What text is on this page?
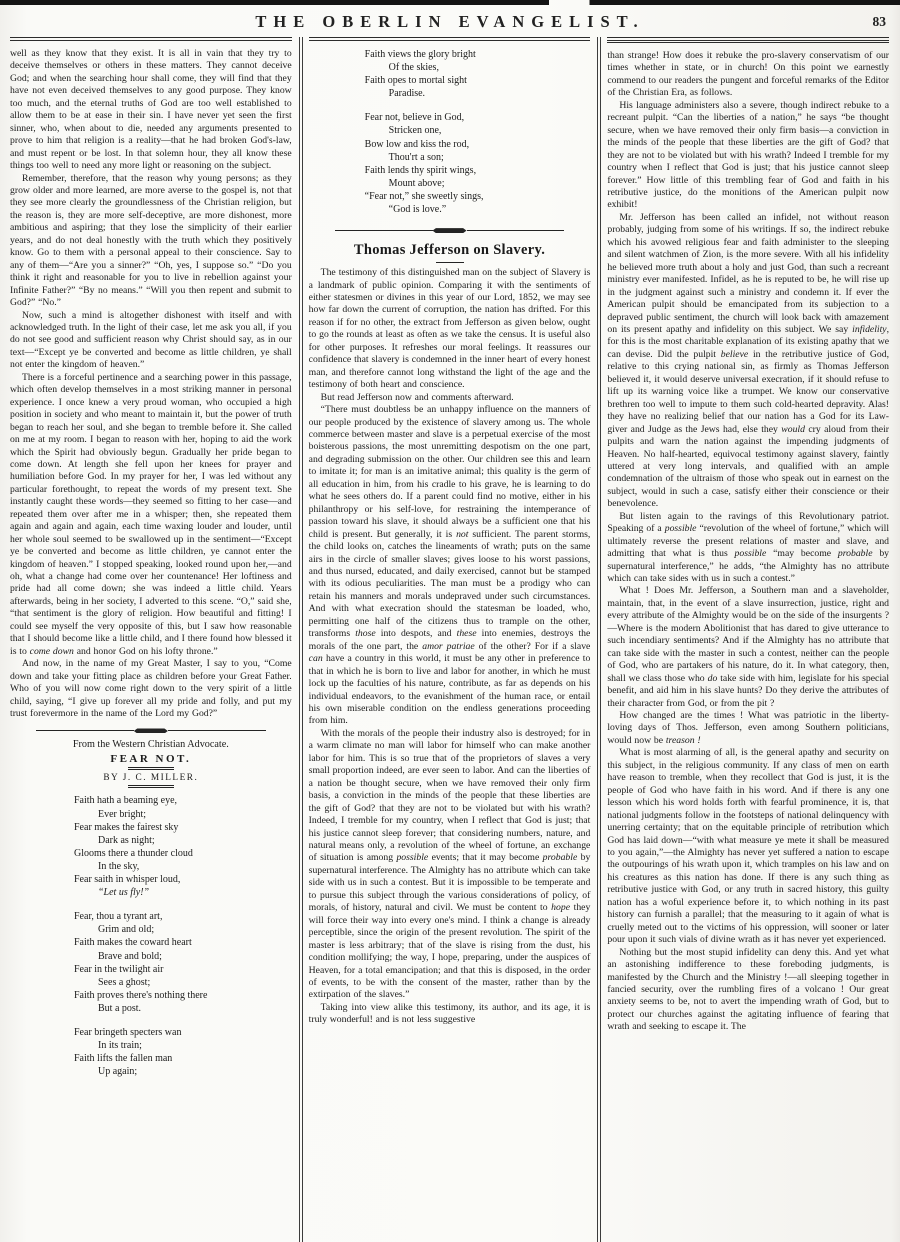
THE OBERLIN EVANGELIST.	83

well as they know that they exist. It is all in vain that they try to deceive themselves or others in these matters. They cannot deceive God; and when the searching hour shall come, they will find that they have not even deceived themselves to any good purpose. They know too much, and the eternal truths of God are too well established to allow them to be at ease in their sin. I have never yet seen the first sinner, who, when about to die, needed any arguments presented to prove to him that religion is a reality—that he had broken God's-law, and must repent or be lost. In that solemn hour, they all know these things too well to need any more light or reasoning on the subject.

Remember, therefore, that the reason why young persons; as they grow older and more learned, are more averse to the gospel is, not that they see more clearly the groundlessness of the Christian religion, but the reason is, they are more self-deceptive, are more dishonest, more ambitious and aspiring; that they lose the simplicity of their earlier years, and do not deal honestly with the truth which they positively know. Go to them with a personal appeal to their conscience. Say to any of them—“Are you a sinner?” “Oh, yes, I suppose so.” “Do you think it right and reasonable for you to live in rebellion against your Infinite Father?” “By no means.” “Will you then repent and submit to God?” “No.”

Now, such a mind is altogether dishonest with itself and with acknowledged truth. In the light of their case, let me ask you all, if you do not see good and sufficient reason why Christ should say, as in our text—“Except ye be converted and become as little children, ye shall not enter the kingdom of heaven.”

There is a forceful pertinence and a searching power in this passage, which often develop themselves in a most striking manner in personal experience. I once knew a very proud woman, who occupied a high position in society and who meant to maintain it, but the power of truth began to reach her soul, and she began to tremble before it. She called on me at my room. I began to reason with her, hoping to aid the work which the Spirit had obviously begun. Gradually her pride began to come down. At length she fell upon her knees for prayer and humiliation before God. In my prayer for her, I was led without any particular forethought, to repeat the words of my present text. She instantly caught these words—they seemed so fitting to her case—and repeated them over after me in a whisper; then, she repeated them again and again and again, each time waxing louder and louder, until her whole soul seemed to be swallowed up in the sentiment—“Except ye be converted and become as little children, ye cannot enter the kingdom of heaven.” I stopped speaking, looked round upon her,—and oh, what a change had come over her countenance! Her loftiness and pride had all come down; she was indeed a little child. Years afterwards, being in her society, I adverted to this scene. “O,” said she, “that sentiment is the glory of religion. How beautiful and fitting! I could see myself the very opposite of this, but I saw how reasonable that I should become like a little child, and I there found how blessed it is to come down and honor God on his lofty throne.”

And now, in the name of my Great Master, I say to you, “Come down and take your fitting place as children before your Great Father. Who of you will now come right down to the very spirit of a little child, saying, “I give up forever all my pride and folly, and put my trust forevermore in the name of the Lord my God?”

From the Western Christian Advocate.
FEAR NOT.
BY J. C. MILLER.
Faith hath a beaming eye,
Ever bright;
Fear makes the fairest sky
Dark as night;
Glooms there a thunder cloud
In the sky,
Fear saith in whisper loud,
“Let us fly!”
Fear, thou a tyrant art,
Grim and old;
Faith makes the coward heart
Brave and bold;
Fear in the twilight air
Sees a ghost;
Faith proves there's nothing there
But a post.
Fear bringeth specters wan
In its train;
Faith lifts the fallen man
Up again;
Faith views the glory bright
Of the skies,
Faith opes to mortal sight
Paradise.
Fear not, believe in God,
Stricken one,
Bow low and kiss the rod,
Thou'rt a son;
Faith lends thy spirit wings,
Mount above;
“Fear not,” she sweetly sings,
“God is love.”
Thomas Jefferson on Slavery.

The testimony of this distinguished man on the subject of Slavery is a landmark of public opinion. Comparing it with the sentiments of either statesmen or divines in this year of our Lord, 1852, we may see how far down the current of corruption, the nation has drifted. For this reason if for no other, the extract from Jefferson as given below, ought to go the rounds at least as often as we take the census. It is useful also for other purposes. It refreshes our moral feelings. It reassures our confidence that slavery is condemned in the inner heart of every honest man, and therefore cannot long withstand the light of the age and the testimony of both heart and conscience.

But read Jefferson now and comments afterward.

“There must doubtless be an unhappy influence on the manners of our people produced by the existence of slavery among us. The whole commerce between master and slave is a perpetual exercise of the most boisterous passions, the most unremitting despotism on the one part, and degrading submission on the other. Our children see this and learn to imitate it; for man is an imitative animal; this quality is the germ of all education in him, from his cradle to his grave, he is learning to do what he sees others do. If a parent could find no motive, either in his philanthropy or his self-love, for restraining the intemperance of passion toward his slave, it should always be a sufficient one that his child is present. But generally, it is not sufficient. The parent storms, the child looks on, catches the lineaments of wrath; puts on the same airs in the circle of smaller slaves; gives loose to his worst passions, and thus nursed, educated, and daily exercised, cannot but be stamped with its odious peculiarities. The man must be a prodigy who can retain his manners and morals undepraved under such circumstances. And with what execration should the statesman be loaded, who, permitting one half of the citizens thus to trample on the other, transforms those into despots, and these into enemies, destroys the morals of the one part, the amor patriae of the other? For if a slave can have a country in this world, it must be any other in preference to that in which he is born to live and labor for another, in which he must lock up the faculties of his nature, contribute, as far as depends on his individual endeavors, to the evanishment of the human race, or entail his own miserable condition on the endless generations proceeding from him.

With the morals of the people their industry also is destroyed; for in a warm climate no man will labor for himself who can make another labor for him. This is so true that of the proprietors of slaves a very small proportion indeed, are ever seen to labor. And can the liberties of a nation be thought secure, when we have removed their only firm basis, a conviction in the minds of the people that these liberties are the gift of God? that they are not to be violated but with his wrath? Indeed, I tremble for my country, when I reflect that God is just; that his justice cannot sleep forever; that considering numbers, nature, and natural means only, a revolution of the wheel of fortune, an exchange of situation is among possible events; that it may become probable by supernatural interference. The Almighty has no attribute which can take side with us in such a contest. But it is impossible to be temperate and to pursue this subject through the various considerations of policy, of morals, of history, natural and civil. We must be content to hope they will force their way into every one's mind. I think a change is already perceptible, since the origin of the present revolution. The spirit of the master is less arbitrary; that of the slave is rising from the dust, his condition mollifying; the way, I hope, preparing, under the auspices of Heaven, for a total emancipation; and that this is disposed, in the order of events, to be with the consent of the master, rather than by the extirpation of the slaves.”

Taking into view alike this testimony, its author, and its age, it is truly wonderful! and is not less suggestive

than strange! How does it rebuke the pro-slavery conservatism of our times whether in state, or in church! On this point we earnestly commend to our readers the pungent and forceful remarks of the Editor of the Christian Era, as follows.

His language administers also a severe, though indirect rebuke to a recreant pulpit. “Can the liberties of a nation,” he says “be thought secure, when we have removed their only firm basis—a conviction in the minds of the people that these liberties are the gift of God? that they are not to be violated but with his wrath? Indeed I tremble for my country when I reflect that God is just; that his justice cannot sleep forever.” How little of this trembling fear of God and faith in his retributive justice, do the monitions of the American pulpit now exhibit!

Mr. Jefferson has been called an infidel, not without reason probably, judging from some of his writings. If so, the indirect rebuke which his avowed religious fear and faith administer to the sleeping and silent watchmen of Zion, is the more severe. With all his infidelity he believed more truth about a holy and just God, than such a recreant ministry ever manifested. Infidel, as he is reputed to be, he will rise up in the judgment against such a ministry and condemn it. If ever the American pulpit should be emancipated from its subjection to a depraved public sentiment, the church will look back with amazement on its present apathy and infidelity on this subject. We say infidelity, for this is the most charitable explanation of its existing apathy that we can devise. Did the pulpit believe in the retributive justice of God, relative to this crying national sin, as firmly as Thomas Jefferson believed it, it would deserve universal execration, if it should refuse to lift up its warning voice like a trumpet. We know our conservative brethren too well to impute to them such cold-hearted depravity. Alas! they have no realizing belief that our nation has a God for its Law-giver and Judge as the Jews had, else they would cry aloud from their pulpits and warn the nation against the impending judgments of Heaven. No half-hearted, equivocal testimony against slavery, faintly uttered at very long intervals, and qualified with an ample condemnation of the ultraism of those who speak out in earnest on the subject, would in such a case, satisfy either their conscience or their benevolence.

But listen again to the ravings of this Revolutionary patriot. Speaking of a possible “revolution of the wheel of fortune,” which will ultimately reverse the present relations of master and slave, and admitting that what is thus possible “may become probable by supernatural interference,” he adds, “the Almighty has no attribute which can take sides with us in such a contest.”

What ! Does Mr. Jefferson, a Southern man and a slaveholder, maintain, that, in the event of a slave insurrection, justice, right and every attribute of the Almighty would be on the side of the insurgents ?—Where is the modern Abolitionist that has dared to give utterance to such incendiary sentiments? And if the Almighty has no attribute that can take side with the master in such a contest, neither can the people of God, who are partakers of his nature, do it. In what category, then, shall we class those who do take side with him, legislate for his special benefit, and aid him in his slave hunts? Do they derive the attributes of their character from God, or from the pit ?

How changed are the times ! What was patriotic in the liberty-loving days of Thos. Jefferson, even among Southern politicians, would now be treason !

What is most alarming of all, is the general apathy and security on this subject, in the religious community. If any class of men on earth have reason to tremble, when they recollect that God is just, it is the people of God who have faith in his word. And if there is any one lesson which his word holds forth with fearful prominence, it is, that national judgments follow in the footsteps of national delinquency with unerring certainty; that on the equitable principle of retribution which God has laid down—“with what measure ye mete it shall be measured to you again,”—the Almighty has never yet suffered a nation to escape the outpourings of his wrath upon it, which tramples on his law and on his creatures as this nation has done. If there is any such thing as retributive justice with God, or any truth in sacred history, this guilty nation has a woful experience before it, to which nothing in its past history can furnish a parallel; that the measuring to it again of what is cruelly meted out to the victims of his oppression, will sooner or later pour upon it such vials of divine wrath as it has never yet experienced.

Nothing but the most stupid infidelity can deny this. And yet what an astonishing indifference to these foreboding judgments, is manifested by the Church and the Ministry !—all sleeping together in fancied security, over the rumbling fires of a volcano ! Our great anxiety seems to be, not to avert the impending wrath of God, but to protect our churches against the agitating influence of fearing that wrath and seeking to escape it. The
